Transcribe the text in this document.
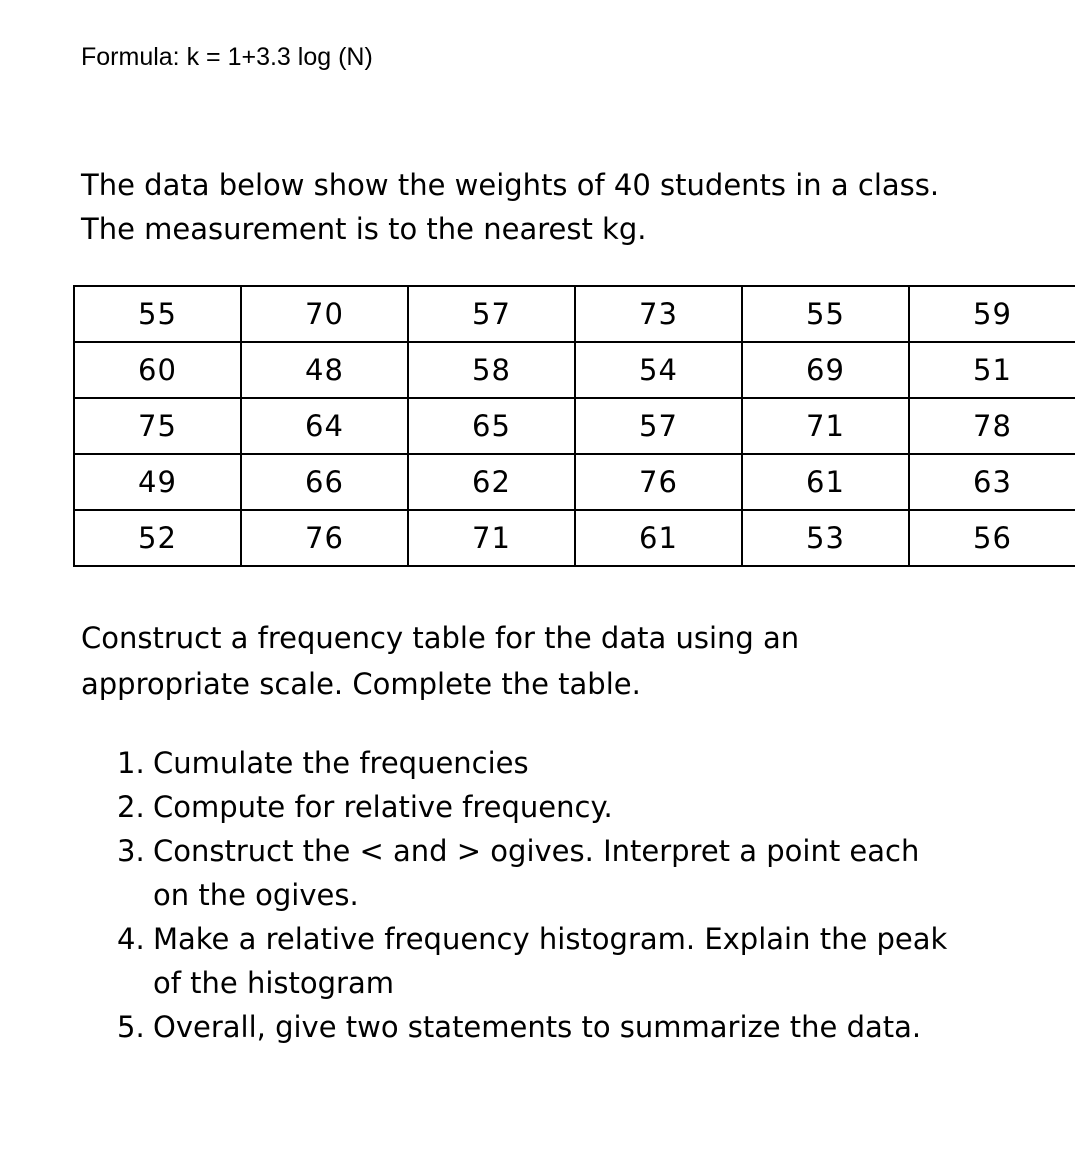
Formula: k = 1+3.3 log (N)
The data below show the weights of 40 students in a class.
The measurement is to the nearest kg.
55	70	57	73	55	59
60	48	58	54	69	51
75	64	65	57	71	78
49	66	62	76	61	63
52	76	71	61	53	56
Construct a frequency table for the data using an
appropriate scale. Complete the table.
1. Cumulate the frequencies
2. Compute for relative frequency.
3. Construct the < and > ogives. Interpret a point each
on the ogives.
4. Make a relative frequency histogram. Explain the peak
of the histogram
5. Overall, give two statements to summarize the data.
